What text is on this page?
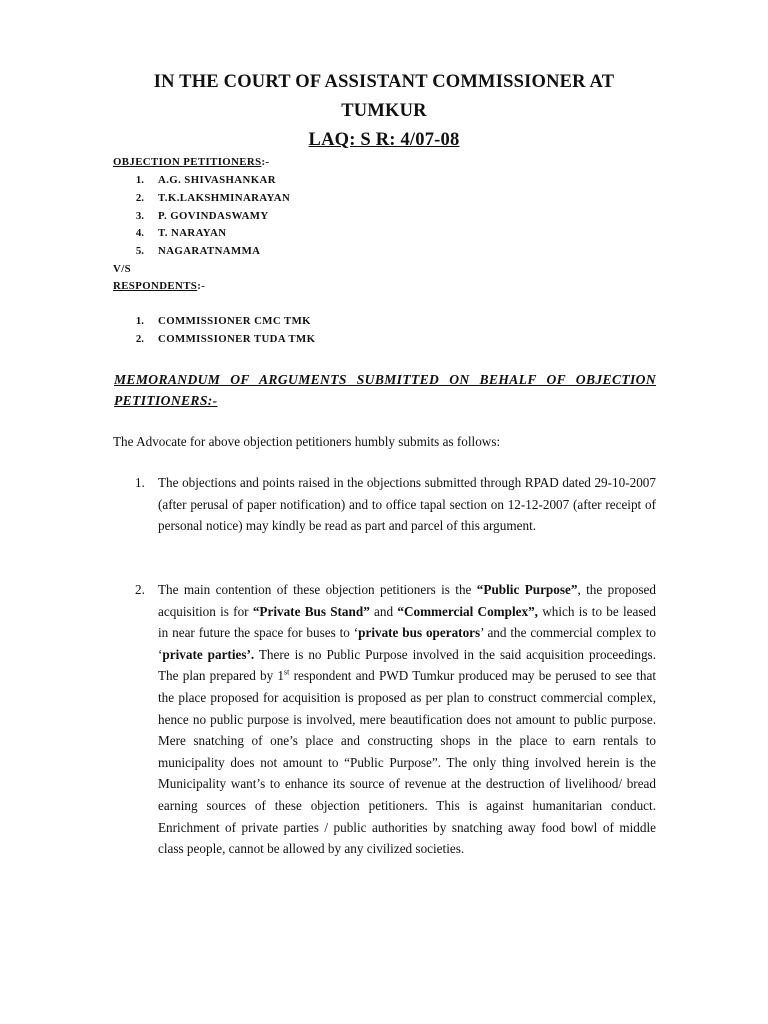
IN THE COURT OF ASSISTANT COMMISSIONER AT
TUMKUR
LAQ: S R: 4/07-08
OBJECTION PETITIONERS:-
1. A.G. SHIVASHANKAR
2. T.K.LAKSHMINARAYAN
3. P. GOVINDASWAMY
4. T. NARAYAN
5. NAGARATNAMMA
V/S
RESPONDENTS:-
1. COMMISSIONER CMC TMK
2. COMMISSIONER TUDA TMK
MEMORANDUM OF ARGUMENTS SUBMITTED ON BEHALF OF OBJECTION
PETITIONERS:-
The Advocate for above objection petitioners humbly submits as follows:
1. The objections and points raised in the objections submitted through RPAD dated 29-10-2007 (after perusal of paper notification) and to office tapal section on 12-12-2007 (after receipt of personal notice) may kindly be read as part and parcel of this argument.

2. The main contention of these objection petitioners is the “Public Purpose”, the proposed acquisition is for “Private Bus Stand” and “Commercial Complex”, which is to be leased in near future the space for buses to ‘private bus operators’ and the commercial complex to ‘private parties’. There is no Public Purpose involved in the said acquisition proceedings. The plan prepared by 1st respondent and PWD Tumkur produced may be perused to see that the place proposed for acquisition is proposed as per plan to construct commercial complex, hence no public purpose is involved, mere beautification does not amount to public purpose. Mere snatching of one’s place and constructing shops in the place to earn rentals to municipality does not amount to “Public Purpose”. The only thing involved herein is the Municipality want’s to enhance its source of revenue at the destruction of livelihood/ bread earning sources of these objection petitioners. This is against humanitarian conduct. Enrichment of private parties / public authorities by snatching away food bowl of middle class people, cannot be allowed by any civilized societies.
